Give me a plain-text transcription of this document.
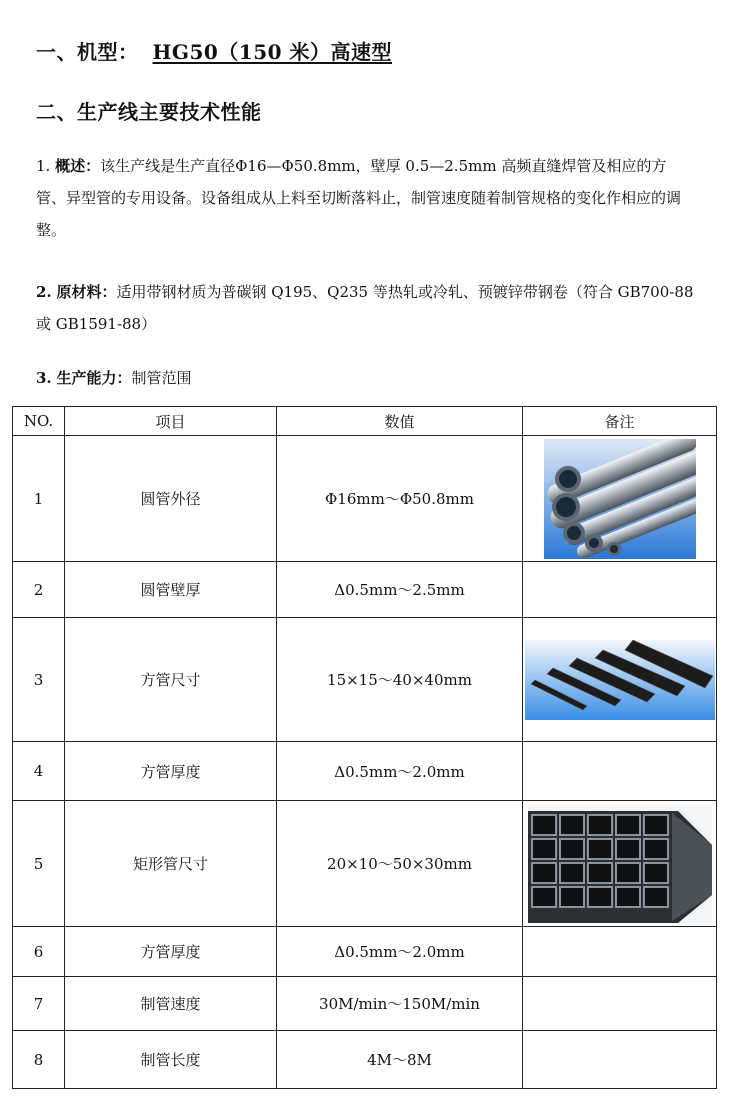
一、机型： HG50（150 米）高速型
二、生产线主要技术性能
1. 概述：该生产线是生产直径Φ16—Φ50.8mm，壁厚 0.5—2.5mm 高频直缝焊管及相应的方管、异型管的专用设备。设备组成从上料至切断落料止，制管速度随着制管规格的变化作相应的调整。
2. 原材料：适用带钢材质为普碳钢 Q195、Q235 等热轧或冷轧、预镀锌带钢卷（符合 GB700-88 或 GB1591-88）
3. 生产能力：制管范围
NO.	项目	数值	备注
1	圆管外径	Φ16mm～Φ50.8mm	

2	圆管壁厚	Δ0.5mm～2.5mm	
3	方管尺寸	15×15～40×40mm	

4	方管厚度	Δ0.5mm～2.0mm	
5	矩形管尺寸	20×10～50×30mm	

6	方管厚度	Δ0.5mm～2.0mm	
7	制管速度	30M/min～150M/min	
8	制管长度	4M～8M	
